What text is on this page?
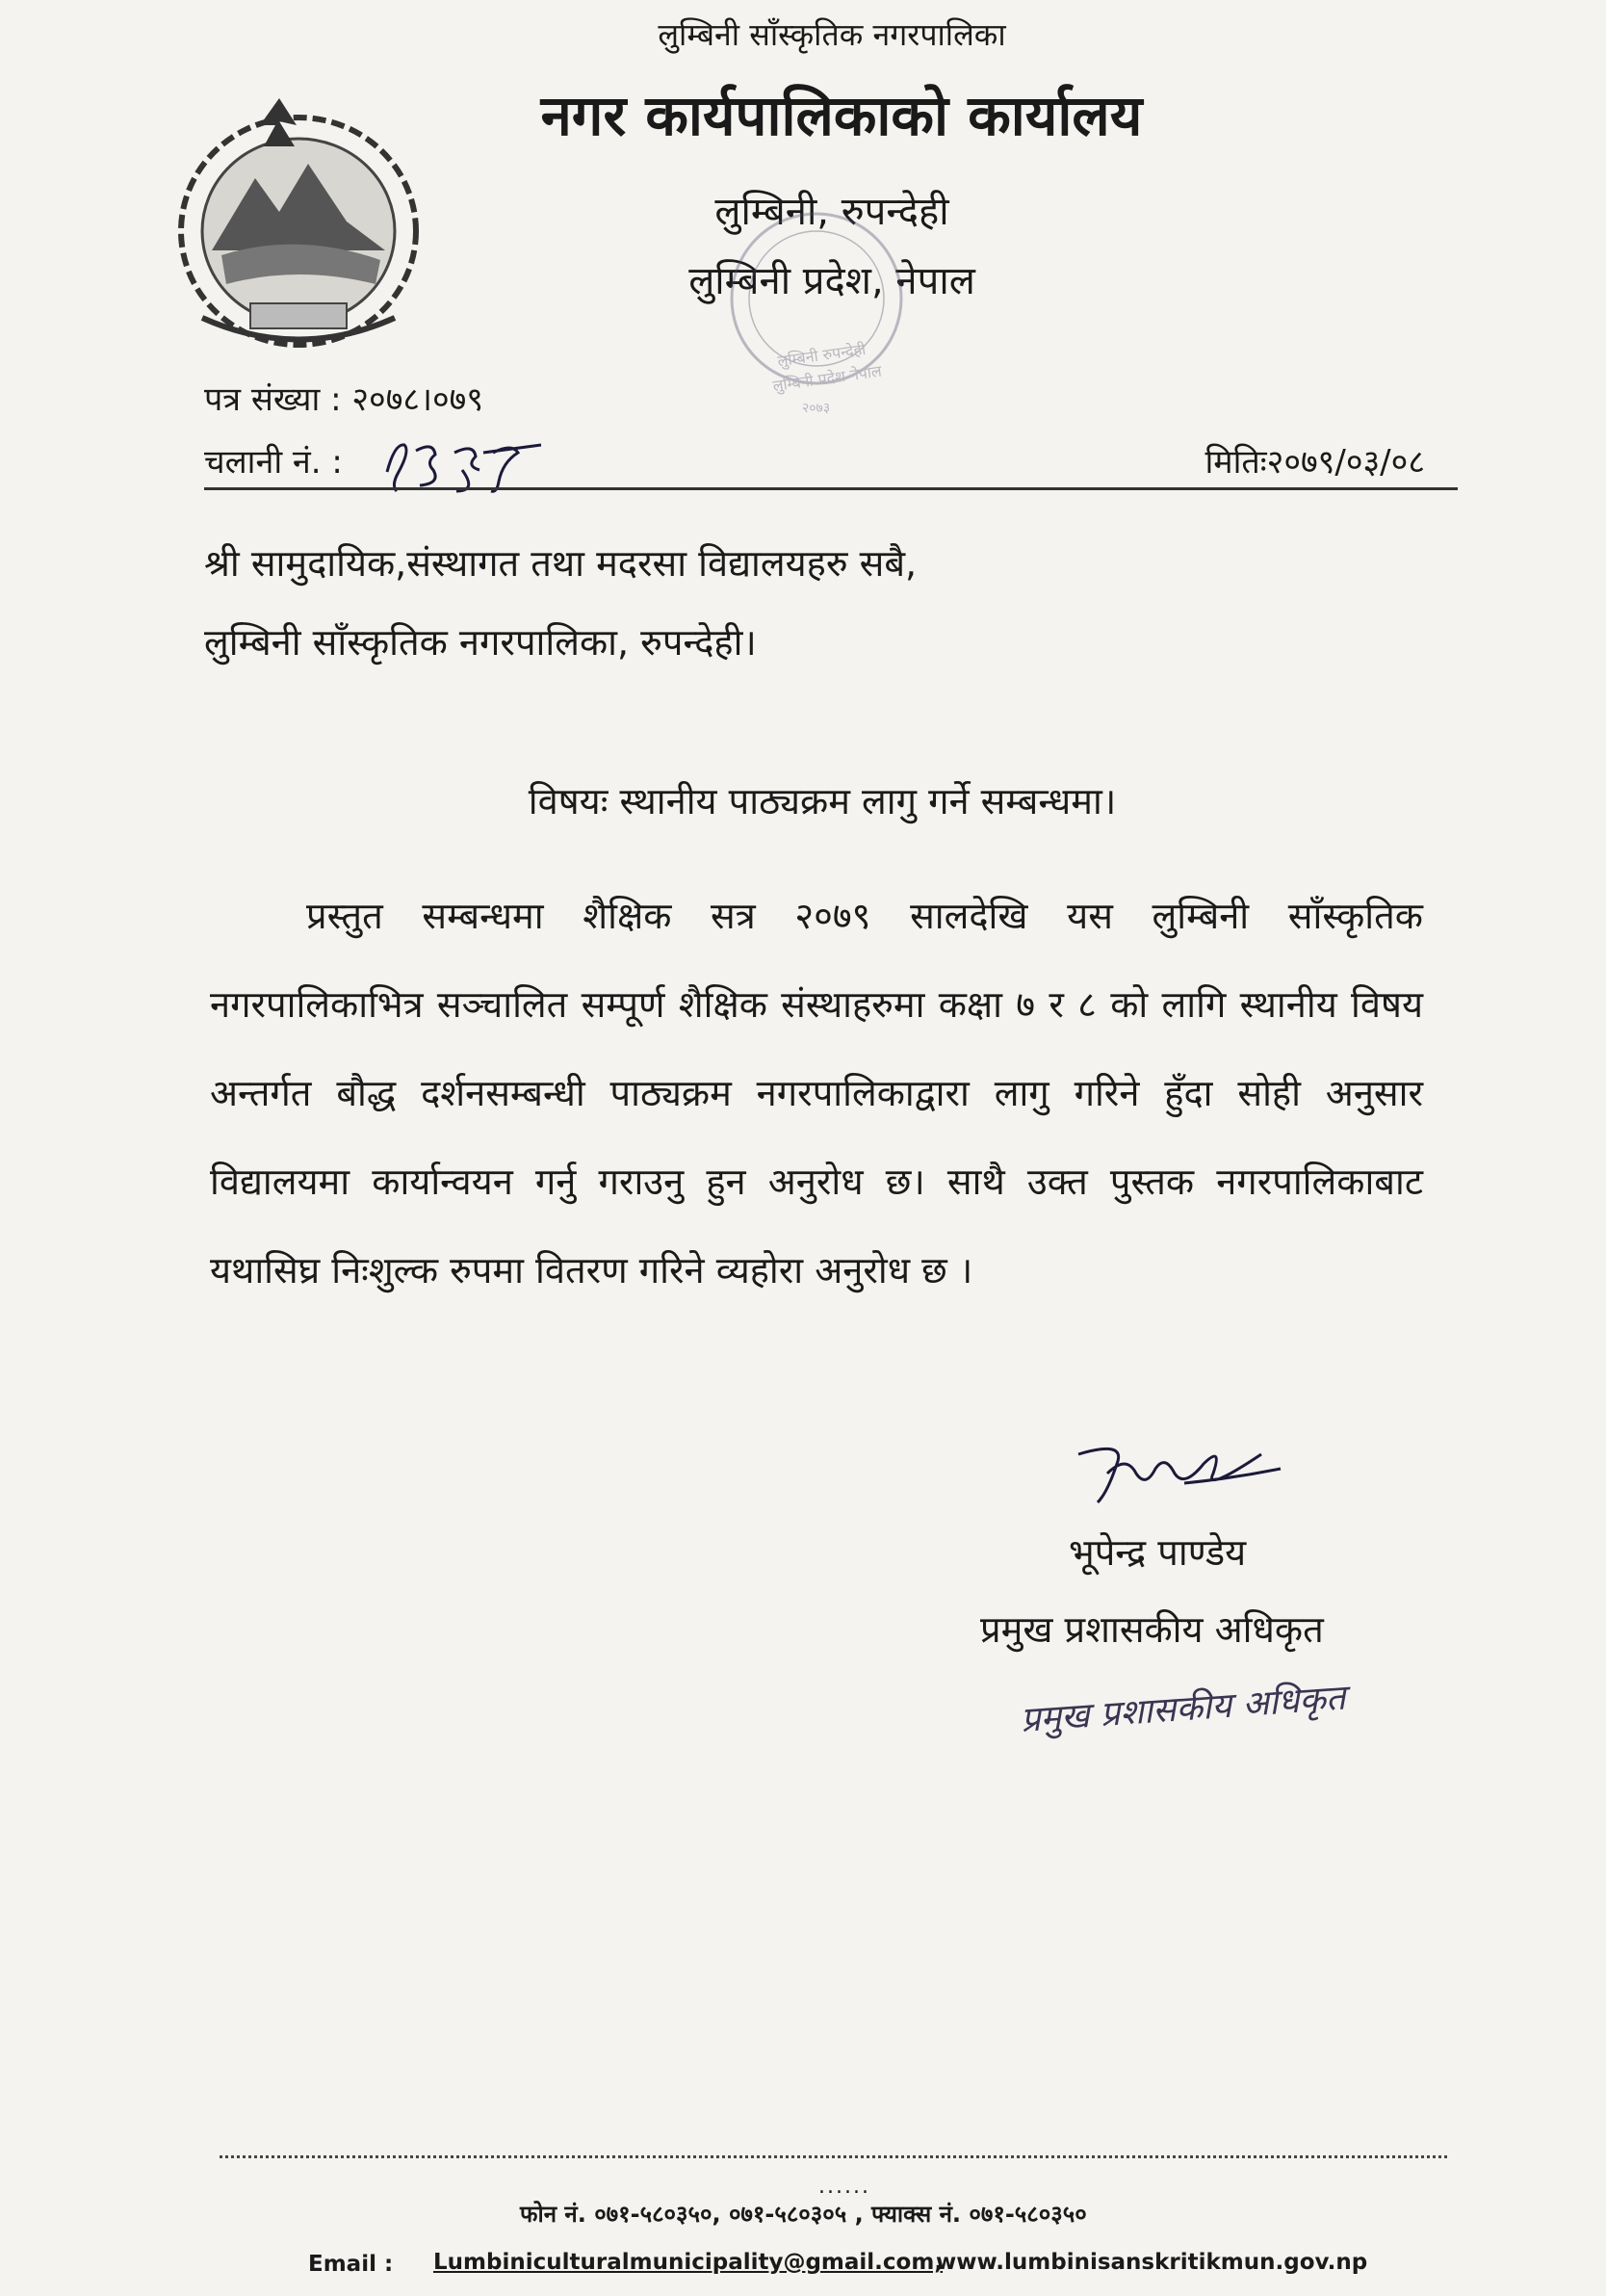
लुम्बिनी साँस्कृतिक नगरपालिका
नगर कार्यपालिकाको कार्यालय
लुम्बिनी, रुपन्देही
लुम्बिनी प्रदेश, नेपाल
लुम्बिनी रुपन्देही
लुम्बिनी प्रदेश नेपाल
२०७३
पत्र संख्या : २०७८।०७९
चलानी नं. :	मितिः२०७९/०३/०८
श्री सामुदायिक,संस्थागत तथा मदरसा विद्यालयहरु सबै,
लुम्बिनी साँस्कृतिक नगरपालिका, रुपन्देही।
विषयः स्थानीय पाठ्यक्रम लागु गर्ने सम्बन्धमा।
प्रस्तुत सम्बन्धमा शैक्षिक सत्र २०७९ सालदेखि यस लुम्बिनी साँस्कृतिक नगरपालिकाभित्र सञ्चालित सम्पूर्ण शैक्षिक संस्थाहरुमा कक्षा ७ र ८ को लागि स्थानीय विषय अन्तर्गत बौद्ध दर्शनसम्बन्धी पाठ्यक्रम नगरपालिकाद्वारा लागु गरिने हुँदा सोही अनुसार विद्यालयमा कार्यान्वयन गर्नु गराउनु हुन अनुरोध छ। साथै उक्त पुस्तक नगरपालिकाबाट यथासिघ्र निःशुल्क रुपमा वितरण गरिने व्यहोरा अनुरोध छ ।
भूपेन्द्र पाण्डेय
प्रमुख प्रशासकीय अधिकृत
प्रमुख प्रशासकीय अधिकृत
......
फोन नं. ०७१-५८०३५०, ०७१-५८०३०५ , फ्याक्स नं. ०७१-५८०३५०
Email : Lumbiniculturalmunicipality@gmail.com,
www.lumbinisanskritikmun.gov.np
